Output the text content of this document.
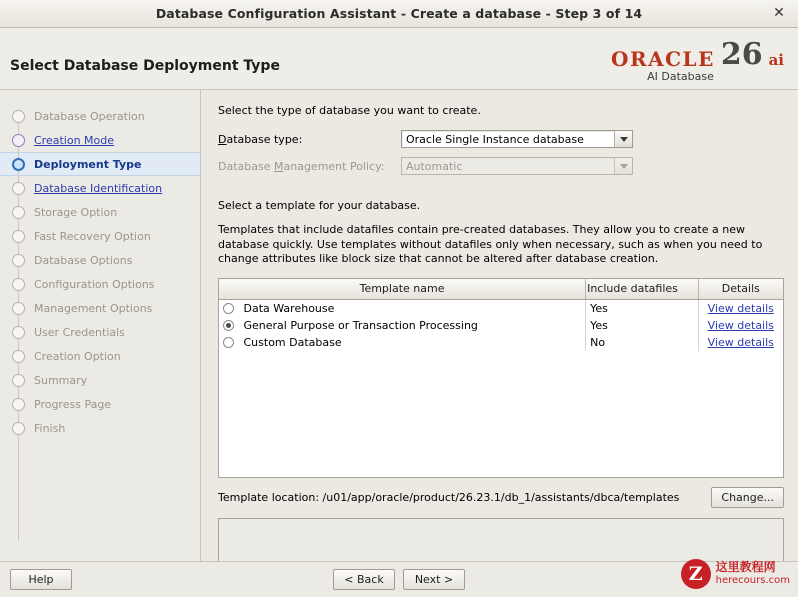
Database Configuration Assistant - Create a database - Step 3 of 14	✕
Select Database Deployment Type	ORACLE 26 ai
AI Database
Database Operation
Creation Mode
Deployment Type
Database Identification
Storage Option
Fast Recovery Option
Database Options
Configuration Options
Management Options
User Credentials
Creation Option
Summary
Progress Page
Finish
Select the type of database you want to create.
Database type:	Oracle Single Instance database
Database Management Policy:	Automatic
Select a template for your database.
Templates that include datafiles contain pre-created databases. They allow you to create a new database quickly. Use templates without datafiles only when necessary, such as when you need to change attributes like block size that cannot be altered after database creation.
Template name	Include datafiles	Details
Data Warehouse	Yes	View details
General Purpose or Transaction Processing	Yes	View details
Custom Database	No	View details
Template location: /u01/app/oracle/product/26.23.1/db_1/assistants/dbca/templates	Change...
Help	< Back	Next >	Z	这里教程网
herecours.com
